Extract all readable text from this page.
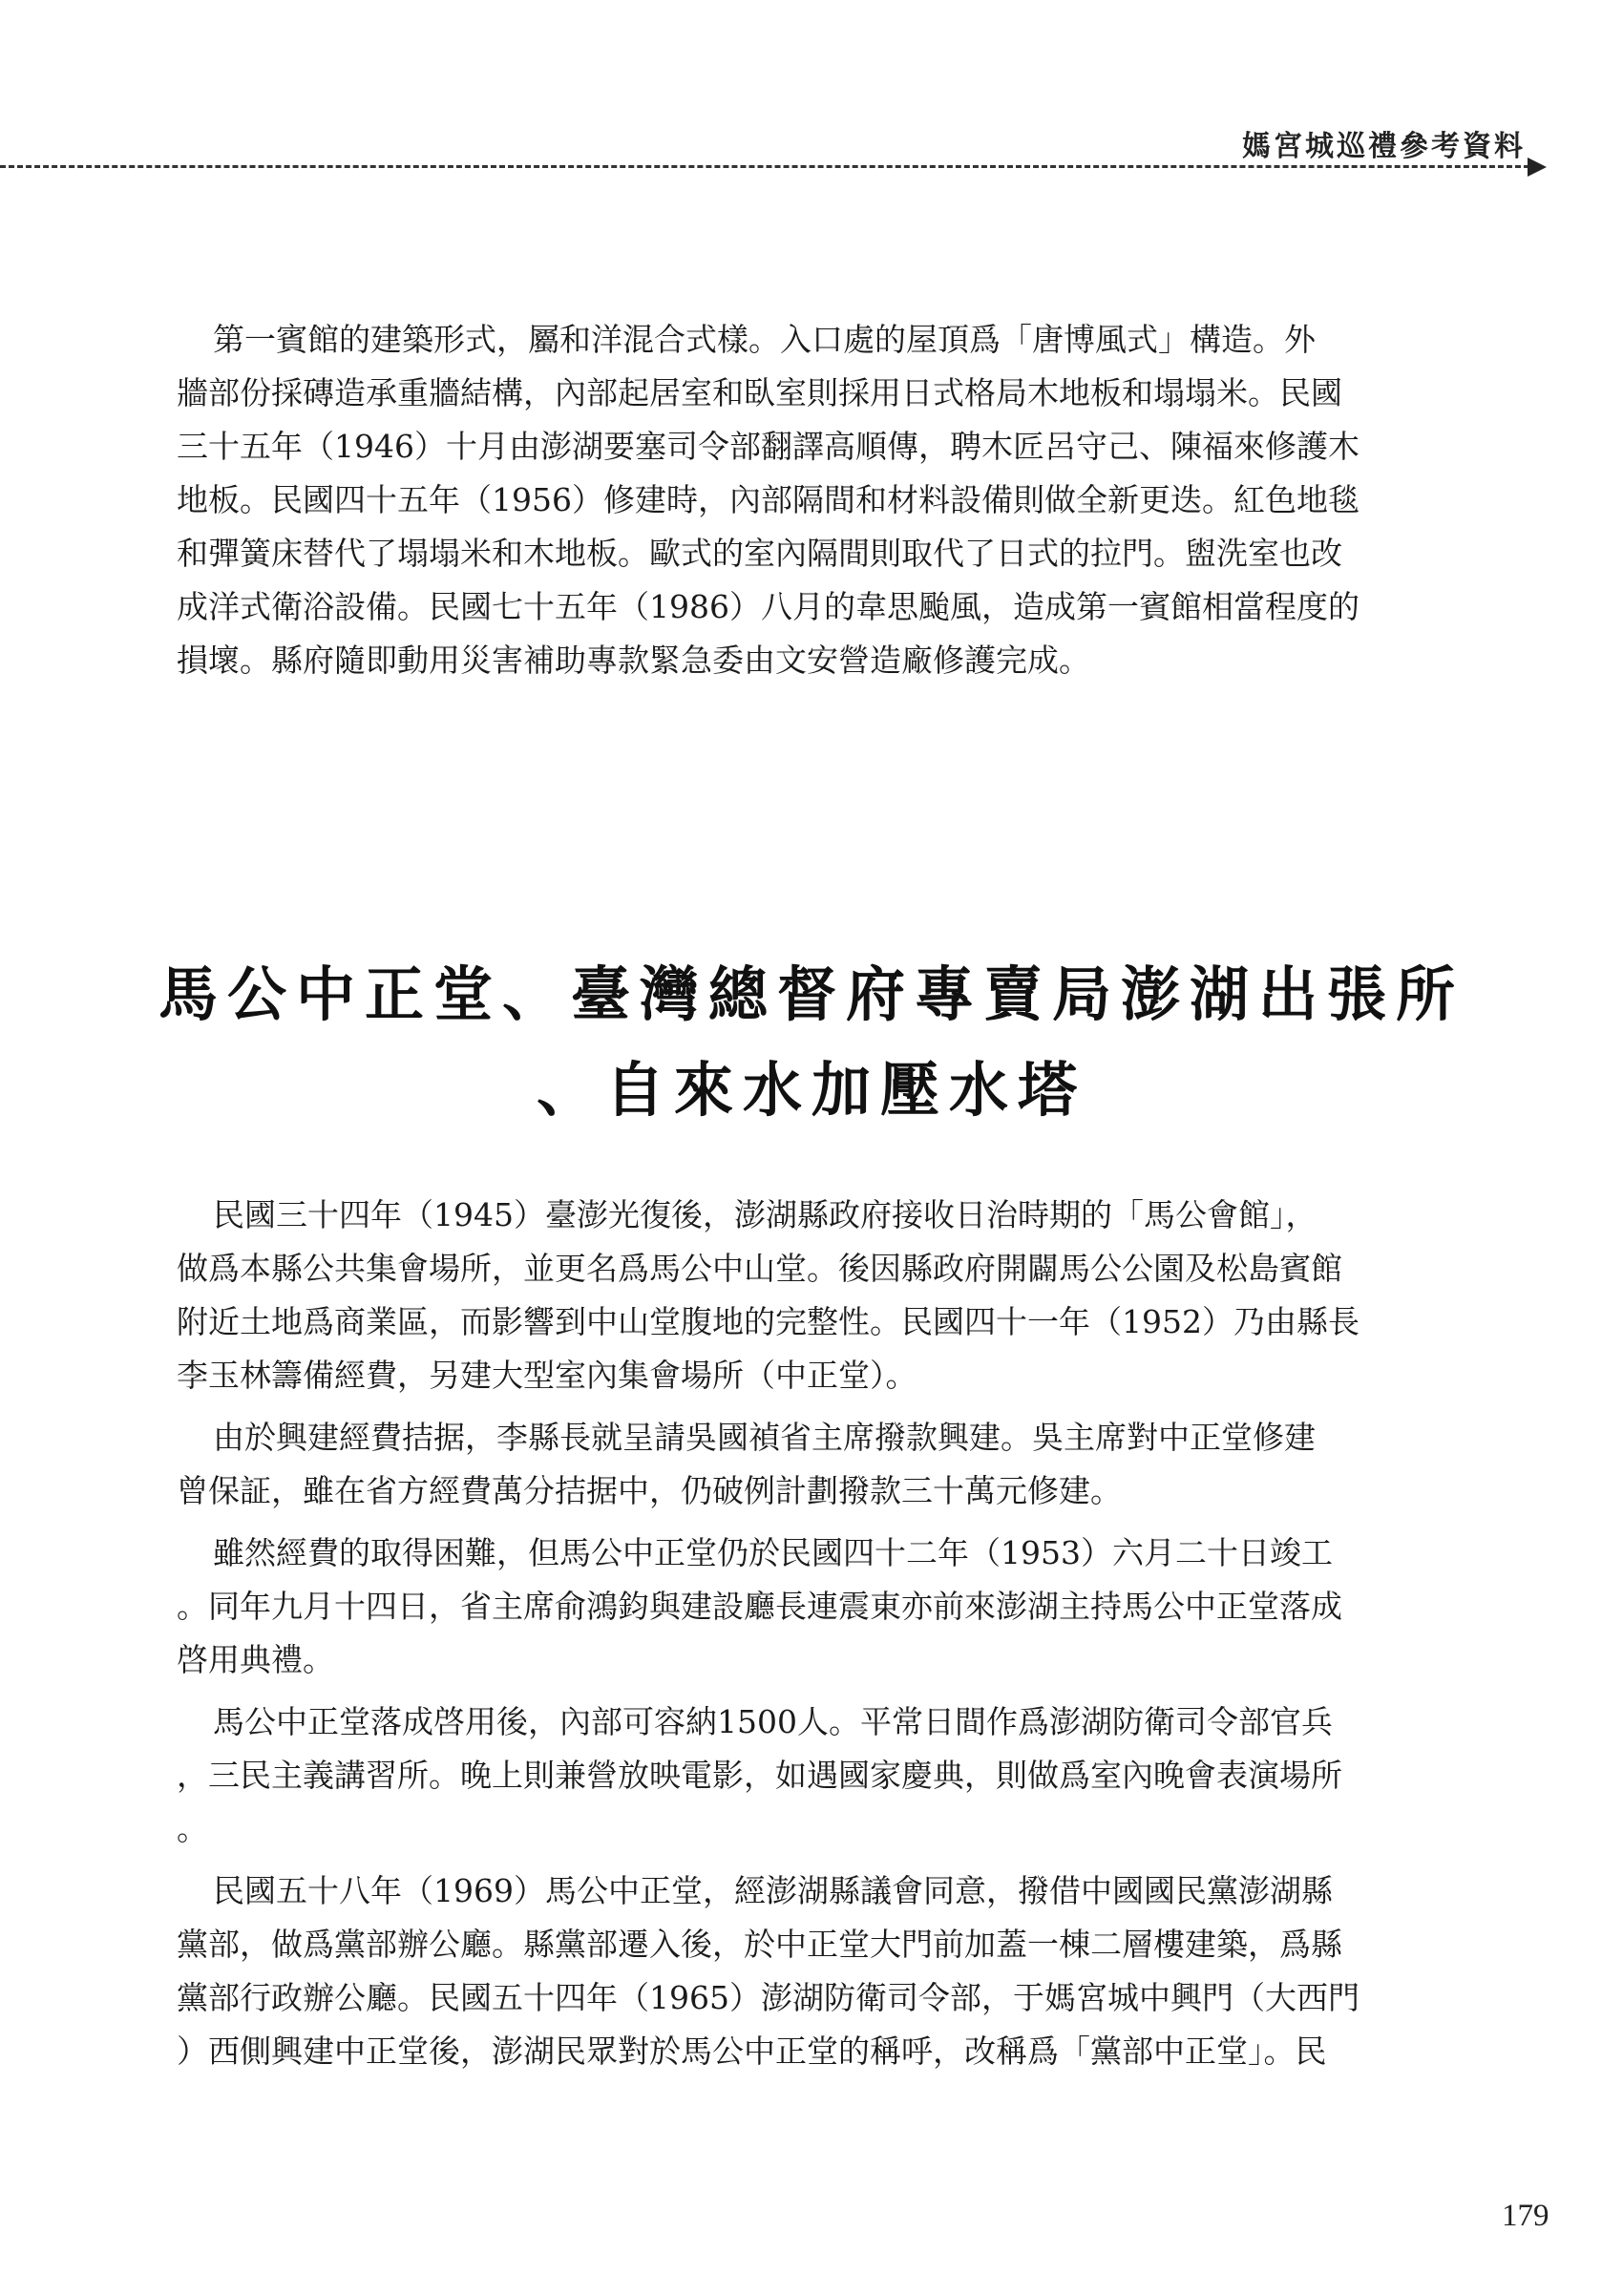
媽宮城巡禮參考資料

第一賓館的建築形式，屬和洋混合式樣。入口處的屋頂爲「唐博風式」構造。外
牆部份採磚造承重牆結構，內部起居室和臥室則採用日式格局木地板和塌塌米。民國
三十五年（1946）十月由澎湖要塞司令部翻譯高順傳，聘木匠呂守己、陳福來修護木
地板。民國四十五年（1956）修建時，內部隔間和材料設備則做全新更迭。紅色地毯
和彈簧床替代了塌塌米和木地板。歐式的室內隔間則取代了日式的拉門。盥洗室也改
成洋式衛浴設備。民國七十五年（1986）八月的韋思颱風，造成第一賓館相當程度的
損壞。縣府隨即動用災害補助專款緊急委由文安營造廠修護完成。

馬公中正堂、臺灣總督府專賣局澎湖出張所
、自來水加壓水塔

民國三十四年（1945）臺澎光復後，澎湖縣政府接收日治時期的「馬公會館」，
做爲本縣公共集會場所，並更名爲馬公中山堂。後因縣政府開闢馬公公園及松島賓館
附近土地爲商業區，而影響到中山堂腹地的完整性。民國四十一年（1952）乃由縣長
李玉林籌備經費，另建大型室內集會場所（中正堂）。

由於興建經費拮据，李縣長就呈請吳國禎省主席撥款興建。吳主席對中正堂修建
曾保証，雖在省方經費萬分拮据中，仍破例計劃撥款三十萬元修建。

雖然經費的取得困難，但馬公中正堂仍於民國四十二年（1953）六月二十日竣工
。同年九月十四日，省主席俞鴻鈞與建設廳長連震東亦前來澎湖主持馬公中正堂落成
啓用典禮。

馬公中正堂落成啓用後，內部可容納1500人。平常日間作爲澎湖防衛司令部官兵
，三民主義講習所。晚上則兼營放映電影，如遇國家慶典，則做爲室內晚會表演場所
。

民國五十八年（1969）馬公中正堂，經澎湖縣議會同意，撥借中國國民黨澎湖縣
黨部，做爲黨部辦公廳。縣黨部遷入後，於中正堂大門前加蓋一棟二層樓建築，爲縣
黨部行政辦公廳。民國五十四年（1965）澎湖防衛司令部，于媽宮城中興門（大西門
）西側興建中正堂後，澎湖民眾對於馬公中正堂的稱呼，改稱爲「黨部中正堂」。民

179
